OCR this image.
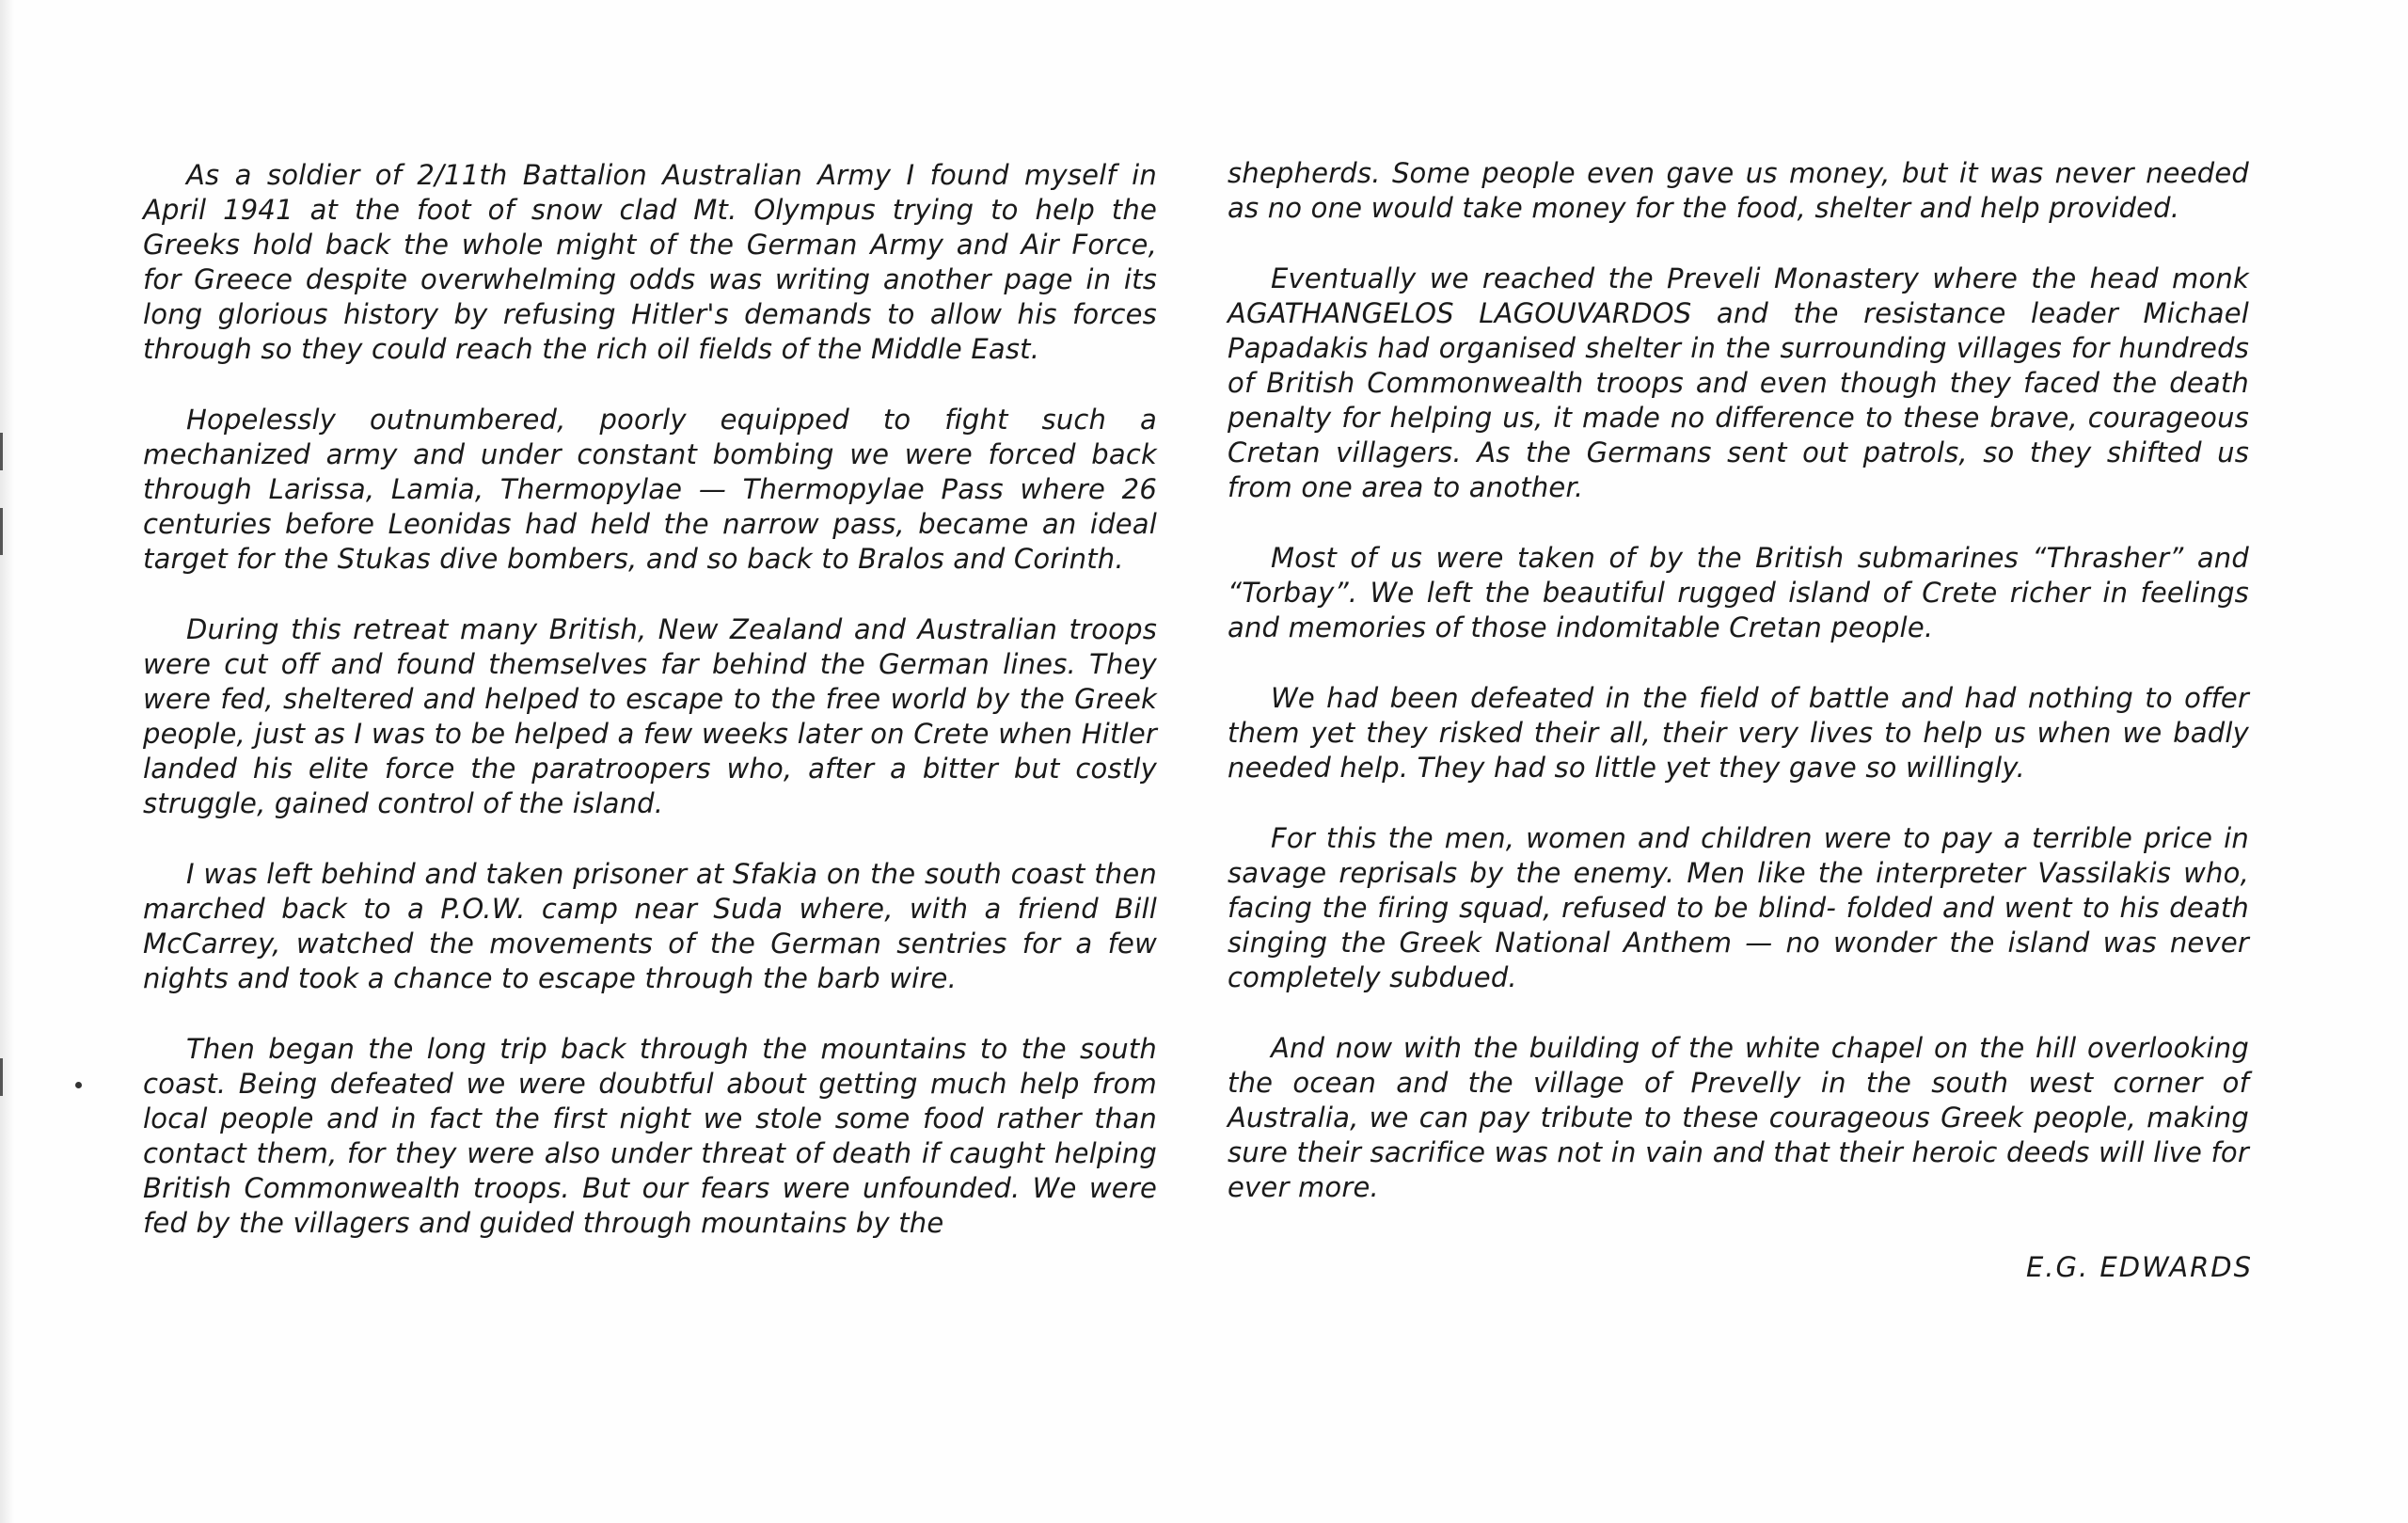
As a soldier of 2/11th Battalion Australian Army I found myself in April 1941 at the foot of snow clad Mt. Olympus trying to help the Greeks hold back the whole might of the German Army and Air Force, for Greece despite overwhelming odds was writing another page in its long glorious history by refusing Hitler's demands to allow his forces through so they could reach the rich oil fields of the Middle East.

Hopelessly outnumbered, poorly equipped to fight such a mechanized army and under constant bombing we were forced back through Larissa, Lamia, Thermopylae — Thermopylae Pass where 26 centuries before Leonidas had held the narrow pass, became an ideal target for the Stukas dive bombers, and so back to Bralos and Corinth.

During this retreat many British, New Zealand and Australian troops were cut off and found themselves far behind the German lines. They were fed, sheltered and helped to escape to the free world by the Greek people, just as I was to be helped a few weeks later on Crete when Hitler landed his elite force the paratroopers who, after a bitter but costly struggle, gained control of the island.

I was left behind and taken prisoner at Sfakia on the south coast then marched back to a P.O.W. camp near Suda where, with a friend Bill McCarrey, watched the movements of the German sentries for a few nights and took a chance to escape through the barb wire.

Then began the long trip back through the mountains to the south coast. Being defeated we were doubtful about getting much help from local people and in fact the first night we stole some food rather than contact them, for they were also under threat of death if caught helping British Commonwealth troops. But our fears were unfounded. We were fed by the villagers and guided through mountains by the

shepherds. Some people even gave us money, but it was never needed as no one would take money for the food, shelter and help provided.

Eventually we reached the Preveli Monastery where the head monk AGATHANGELOS LAGOUVARDOS and the resistance leader Michael Papadakis had organised shelter in the surrounding villages for hundreds of British Commonwealth troops and even though they faced the death penalty for helping us, it made no difference to these brave, courageous Cretan villagers. As the Germans sent out patrols, so they shifted us from one area to another.

Most of us were taken of by the British submarines “Thrasher” and “Torbay”. We left the beautiful rugged island of Crete richer in feelings and memories of those indomitable Cretan people.

We had been defeated in the field of battle and had nothing to offer them yet they risked their all, their very lives to help us when we badly needed help. They had so little yet they gave so willingly.

For this the men, women and children were to pay a terrible price in savage reprisals by the enemy. Men like the interpreter Vassilakis who, facing the firing squad, refused to be blind- folded and went to his death singing the Greek National Anthem — no wonder the island was never completely subdued.

And now with the building of the white chapel on the hill overlooking the ocean and the village of Prevelly in the south west corner of Australia, we can pay tribute to these courageous Greek people, making sure their sacrifice was not in vain and that their heroic deeds will live for ever more.

E.G. EDWARDS
